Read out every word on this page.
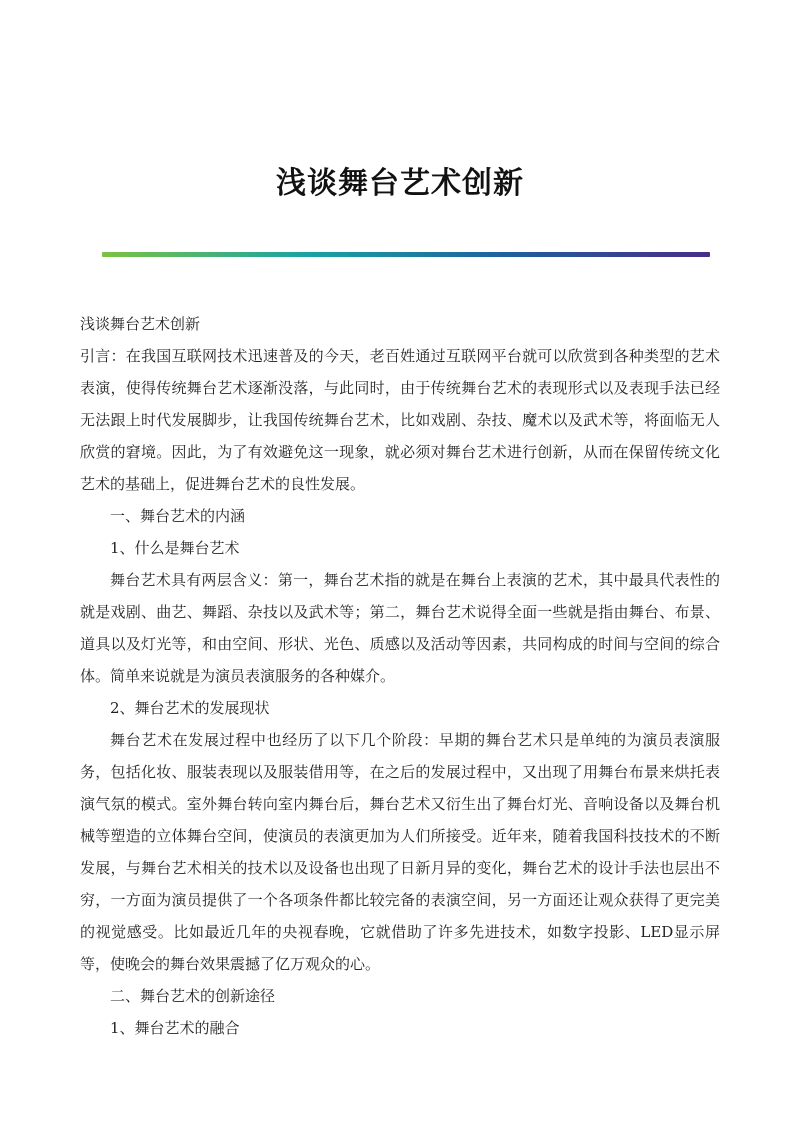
浅谈舞台艺术创新

浅谈舞台艺术创新

引言：在我国互联网技术迅速普及的今天，老百姓通过互联网平台就可以欣赏到各种类型的艺术表演，使得传统舞台艺术逐渐没落，与此同时，由于传统舞台艺术的表现形式以及表现手法已经无法跟上时代发展脚步，让我国传统舞台艺术，比如戏剧、杂技、魔术以及武术等，将面临无人欣赏的窘境。因此，为了有效避免这一现象，就必须对舞台艺术进行创新，从而在保留传统文化艺术的基础上，促进舞台艺术的良性发展。

一、舞台艺术的内涵

1、什么是舞台艺术

舞台艺术具有两层含义：第一，舞台艺术指的就是在舞台上表演的艺术，其中最具代表性的就是戏剧、曲艺、舞蹈、杂技以及武术等；第二，舞台艺术说得全面一些就是指由舞台、布景、道具以及灯光等，和由空间、形状、光色、质感以及活动等因素，共同构成的时间与空间的综合体。简单来说就是为演员表演服务的各种媒介。

2、舞台艺术的发展现状

舞台艺术在发展过程中也经历了以下几个阶段：早期的舞台艺术只是单纯的为演员表演服务，包括化妆、服装表现以及服装借用等，在之后的发展过程中，又出现了用舞台布景来烘托表演气氛的模式。室外舞台转向室内舞台后，舞台艺术又衍生出了舞台灯光、音响设备以及舞台机械等塑造的立体舞台空间，使演员的表演更加为人们所接受。近年来，随着我国科技技术的不断发展，与舞台艺术相关的技术以及设备也出现了日新月异的变化，舞台艺术的设计手法也层出不穷，一方面为演员提供了一个各项条件都比较完备的表演空间，另一方面还让观众获得了更完美的视觉感受。比如最近几年的央视春晚，它就借助了许多先进技术，如数字投影、LED显示屏等，使晚会的舞台效果震撼了亿万观众的心。

二、舞台艺术的创新途径

1、舞台艺术的融合
